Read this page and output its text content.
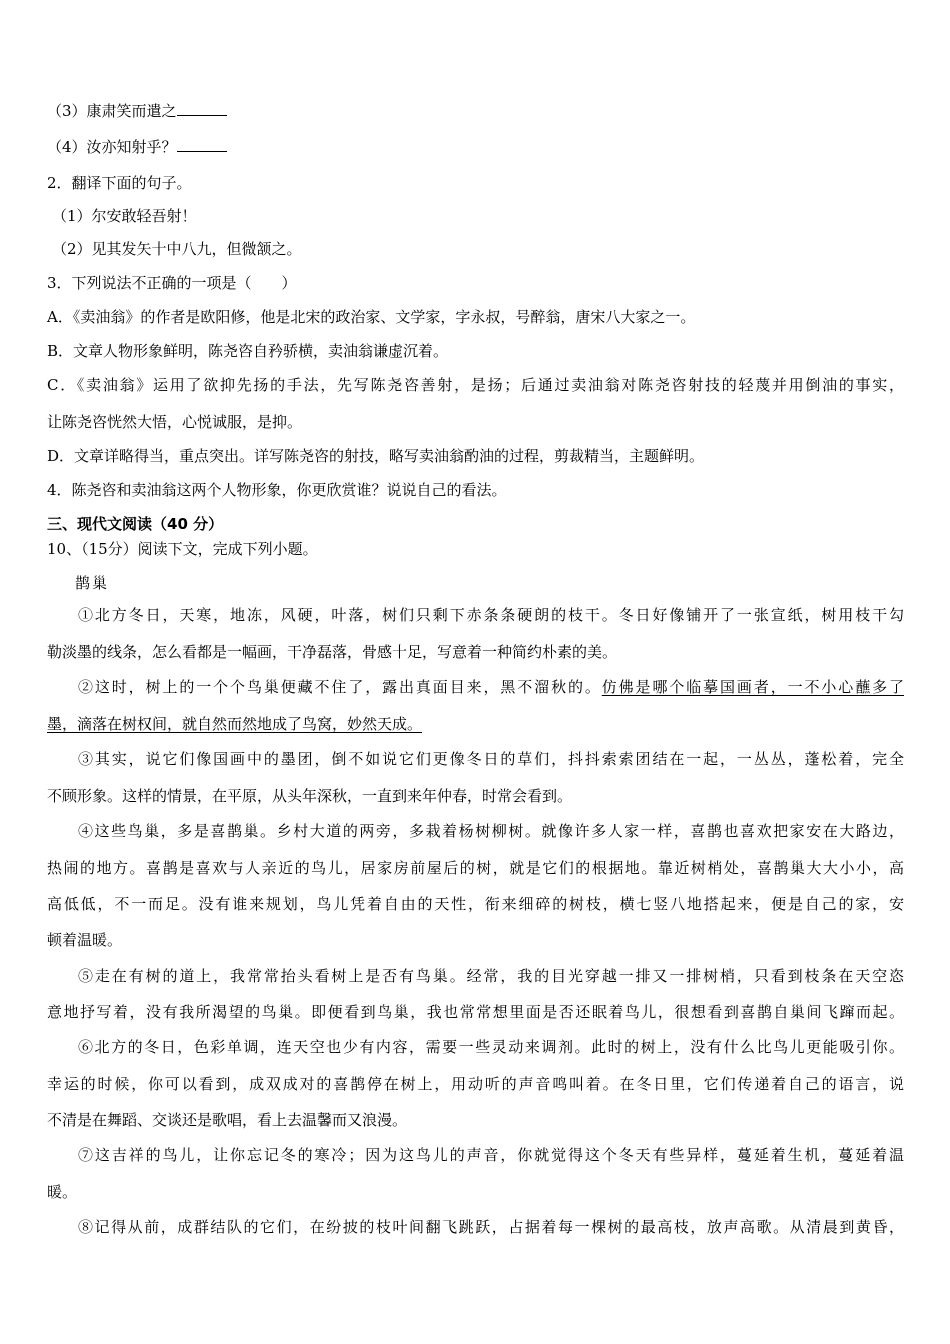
（3）康肃笑而遣之
（4）汝亦知射乎？
2．翻译下面的句子。
（1）尔安敢轻吾射！
（2）见其发矢十中八九，但微颔之。
3．下列说法不正确的一项是（　　）
A．《卖油翁》的作者是欧阳修，他是北宋的政治家、文学家，字永叔，号醉翁，唐宋八大家之一。
B．文章人物形象鲜明，陈尧咨自矜骄横，卖油翁谦虚沉着。
C．《卖油翁》运用了欲抑先扬的手法，先写陈尧咨善射，是扬；后通过卖油翁对陈尧咨射技的轻蔑并用倒油的事实，
让陈尧咨恍然大悟，心悦诚服，是抑。
D．文章详略得当，重点突出。详写陈尧咨的射技，略写卖油翁酌油的过程，剪裁精当，主题鲜明。
4．陈尧咨和卖油翁这两个人物形象，你更欣赏谁？说说自己的看法。
三、现代文阅读（40 分）
10、（15分）阅读下文，完成下列小题。
鹊巢
①北方冬日，天寒，地冻，风硬，叶落，树们只剩下赤条条硬朗的枝干。冬日好像铺开了一张宣纸，树用枝干勾
勒淡墨的线条，怎么看都是一幅画，干净磊落，骨感十足，写意着一种简约朴素的美。
②这时，树上的一个个鸟巢便藏不住了，露出真面目来，黑不溜秋的。仿佛是哪个临摹国画者，一不小心蘸多了
墨，滴落在树权间，就自然而然地成了鸟窝，妙然天成。
③其实，说它们像国画中的墨团，倒不如说它们更像冬日的草们，抖抖索索团结在一起，一丛丛，蓬松着，完全
不顾形象。这样的情景，在平原，从头年深秋，一直到来年仲春，时常会看到。
④这些鸟巢，多是喜鹊巢。乡村大道的两旁，多栽着杨树柳树。就像许多人家一样，喜鹊也喜欢把家安在大路边，
热闹的地方。喜鹊是喜欢与人亲近的鸟儿，居家房前屋后的树，就是它们的根据地。靠近树梢处，喜鹊巢大大小小，高
高低低，不一而足。没有谁来规划，鸟儿凭着自由的天性，衔来细碎的树枝，横七竖八地搭起来，便是自己的家，安
顿着温暖。
⑤走在有树的道上，我常常抬头看树上是否有鸟巢。经常，我的目光穿越一排又一排树梢，只看到枝条在天空恣
意地抒写着，没有我所渴望的鸟巢。即便看到鸟巢，我也常常想里面是否还眠着鸟儿，很想看到喜鹊自巢间飞蹿而起。
⑥北方的冬日，色彩单调，连天空也少有内容，需要一些灵动来调剂。此时的树上，没有什么比鸟儿更能吸引你。
幸运的时候，你可以看到，成双成对的喜鹊停在树上，用动听的声音鸣叫着。在冬日里，它们传递着自己的语言，说
不清是在舞蹈、交谈还是歌唱，看上去温馨而又浪漫。
⑦这吉祥的鸟儿，让你忘记冬的寒冷；因为这鸟儿的声音，你就觉得这个冬天有些异样，蔓延着生机，蔓延着温
暖。
⑧记得从前，成群结队的它们，在纷披的枝叶间翻飞跳跃，占据着每一棵树的最高枝，放声高歌。从清晨到黄昏，
